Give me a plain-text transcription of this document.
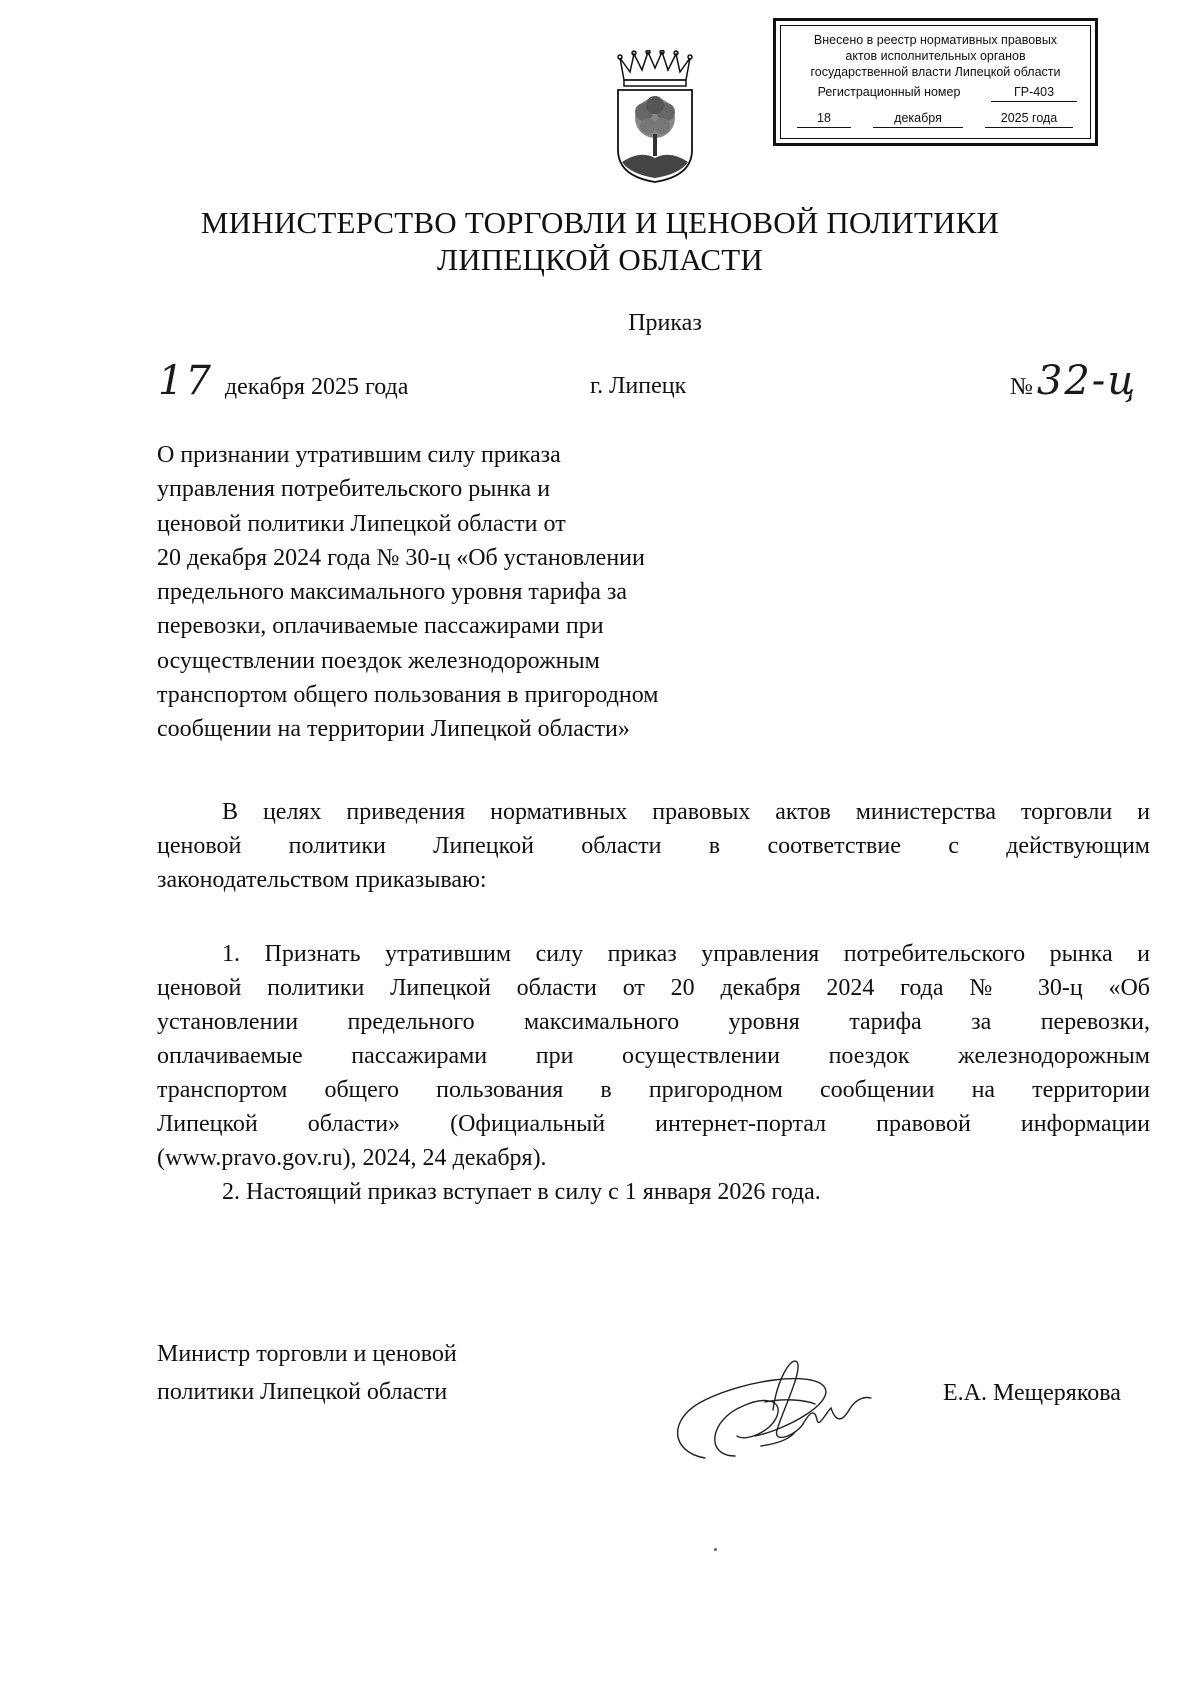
Внесено в реестр нормативных правовых
актов исполнительных органов
государственной власти Липецкой области
Регистрационный номер	ГР-403
18	декабря	2025 года
МИНИСТЕРСТВО ТОРГОВЛИ И ЦЕНОВОЙ ПОЛИТИКИ
ЛИПЕЦКОЙ ОБЛАСТИ
Приказ
17 декабря 2025 года	г. Липецк	№ 32-ц
О признании утратившим силу приказа
управления потребительского рынка и
ценовой политики Липецкой области от
20 декабря 2024 года № 30-ц «Об установлении
предельного максимального уровня тарифа за
перевозки, оплачиваемые пассажирами при
осуществлении поездок железнодорожным
транспортом общего пользования в пригородном
сообщении на территории Липецкой области»
В целях приведения нормативных правовых актов министерства торговли и
ценовой политики Липецкой области в соответствие с действующим
законодательством приказываю:
1. Признать утратившим силу приказ управления потребительского рынка и
ценовой политики Липецкой области от 20 декабря 2024 года № 30-ц «Об
установлении предельного максимального уровня тарифа за перевозки,
оплачиваемые пассажирами при осуществлении поездок железнодорожным
транспортом общего пользования в пригородном сообщении на территории
Липецкой области» (Официальный интернет-портал правовой информации
(www.pravo.gov.ru), 2024, 24 декабря).
2. Настоящий приказ вступает в силу с 1 января 2026 года.
Министр торговли и ценовой
политики Липецкой области	Е.А. Мещерякова
